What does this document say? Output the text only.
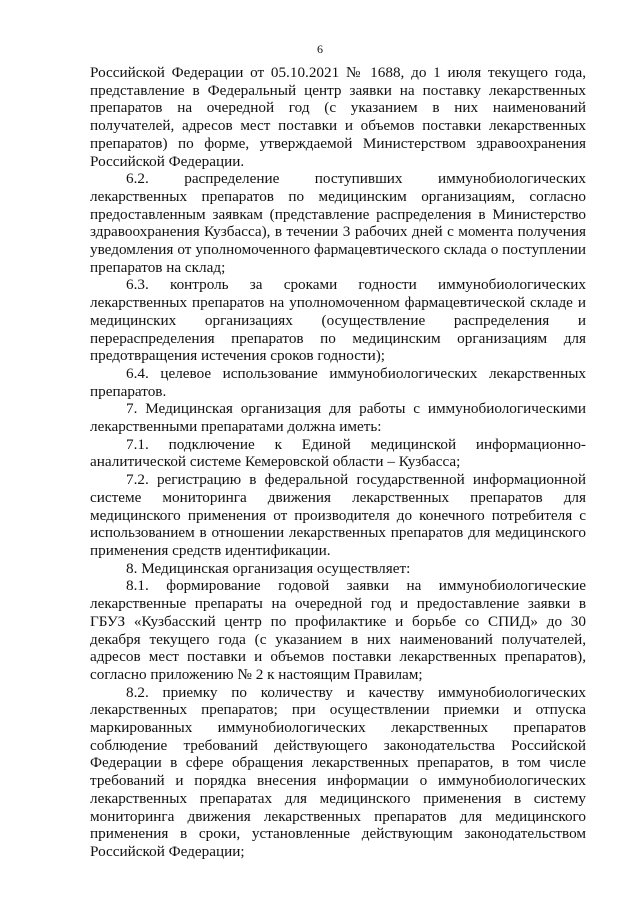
6

Российской Федерации от 05.10.2021 № 1688, до 1 июля текущего года, представление в Федеральный центр заявки на поставку лекарственных препаратов на очередной год (с указанием в них наименований получателей, адресов мест поставки и объемов поставки лекарственных препаратов) по форме, утверждаемой Министерством здравоохранения Российской Федерации.

6.2. распределение поступивших иммунобиологических лекарственных препаратов по медицинским организациям, согласно предоставленным заявкам (представление распределения в Министерство здравоохранения Кузбасса), в течении 3 рабочих дней с момента получения уведомления от уполномоченного фармацевтического склада о поступлении препаратов на склад;

6.3. контроль за сроками годности иммунобиологических лекарственных препаратов на уполномоченном фармацевтической складе и медицинских организациях (осуществление распределения и перераспределения препаратов по медицинским организациям для предотвращения истечения сроков годности);

6.4. целевое использование иммунобиологических лекарственных препаратов.

7. Медицинская организация для работы с иммунобиологическими лекарственными препаратами должна иметь:

7.1. подключение к Единой медицинской информационно-аналитической системе Кемеровской области – Кузбасса;

7.2. регистрацию в федеральной государственной информационной системе мониторинга движения лекарственных препаратов для медицинского применения от производителя до конечного потребителя с использованием в отношении лекарственных препаратов для медицинского применения средств идентификации.

8. Медицинская организация осуществляет:

8.1. формирование годовой заявки на иммунобиологические лекарственные препараты на очередной год и предоставление заявки в ГБУЗ «Кузбасский центр по профилактике и борьбе со СПИД» до 30 декабря текущего года (с указанием в них наименований получателей, адресов мест поставки и объемов поставки лекарственных препаратов), согласно приложению № 2 к настоящим Правилам;

8.2. приемку по количеству и качеству иммунобиологических лекарственных препаратов; при осуществлении приемки и отпуска маркированных иммунобиологических лекарственных препаратов соблюдение требований действующего законодательства Российской Федерации в сфере обращения лекарственных препаратов, в том числе требований и порядка внесения информации о иммунобиологических лекарственных препаратах для медицинского применения в систему мониторинга движения лекарственных препаратов для медицинского применения в сроки, установленные действующим законодательством Российской Федерации;
